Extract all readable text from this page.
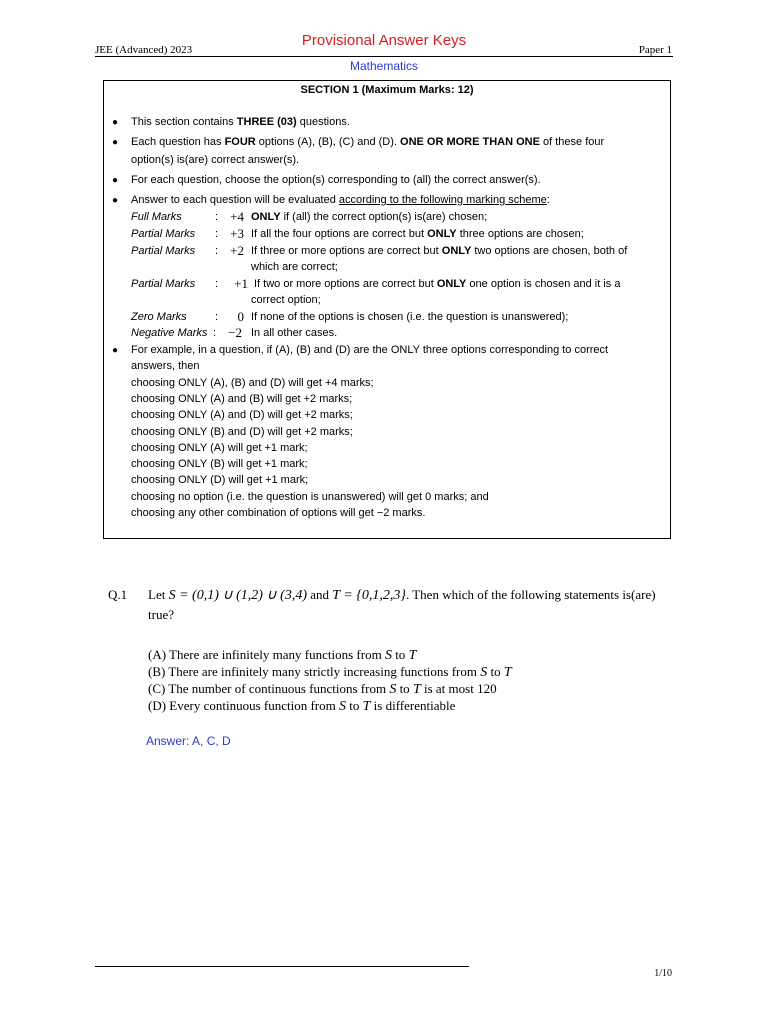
JEE (Advanced) 2023
Provisional Answer Keys
Paper 1
Mathematics
SECTION 1 (Maximum Marks: 12)
● This section contains THREE (03) questions.
● Each question has FOUR options (A), (B), (C) and (D). ONE OR MORE THAN ONE of these four
option(s) is(are) correct answer(s).
● For each question, choose the option(s) corresponding to (all) the correct answer(s).
● Answer to each question will be evaluated according to the following marking scheme:
Full Marks	: +4 ONLY if (all) the correct option(s) is(are) chosen;
Partial Marks : +3 If all the four options are correct but ONLY three options are chosen;
Partial Marks : +2 If three or more options are correct but ONLY two options are chosen, both of
which are correct;
Partial Marks :	+1 If two or more options are correct but ONLY one option is chosen and it is a
correct option;
Zero Marks	:	0 If none of the options is chosen (i.e. the question is unanswered);
Negative Marks : −2 In all other cases.
● For example, in a question, if (A), (B) and (D) are the ONLY three options corresponding to correct
answers, then
choosing ONLY (A), (B) and (D) will get +4 marks;
choosing ONLY (A) and (B) will get +2 marks;
choosing ONLY (A) and (D) will get +2 marks;
choosing ONLY (B) and (D) will get +2 marks;
choosing ONLY (A) will get +1 mark;
choosing ONLY (B) will get +1 mark;
choosing ONLY (D) will get +1 mark;
choosing no option (i.e. the question is unanswered) will get 0 marks; and
choosing any other combination of options will get −2 marks.
Q.1 Let S = (0,1) ∪ (1,2) ∪ (3,4) and T = {0,1,2,3}. Then which of the following statements is(are)
true?
(A) There are infinitely many functions from S to T
(B) There are infinitely many strictly increasing functions from S to T
(C) The number of continuous functions from S to T is at most 120
(D) Every continuous function from S to T is differentiable
Answer: A, C, D
1/10
